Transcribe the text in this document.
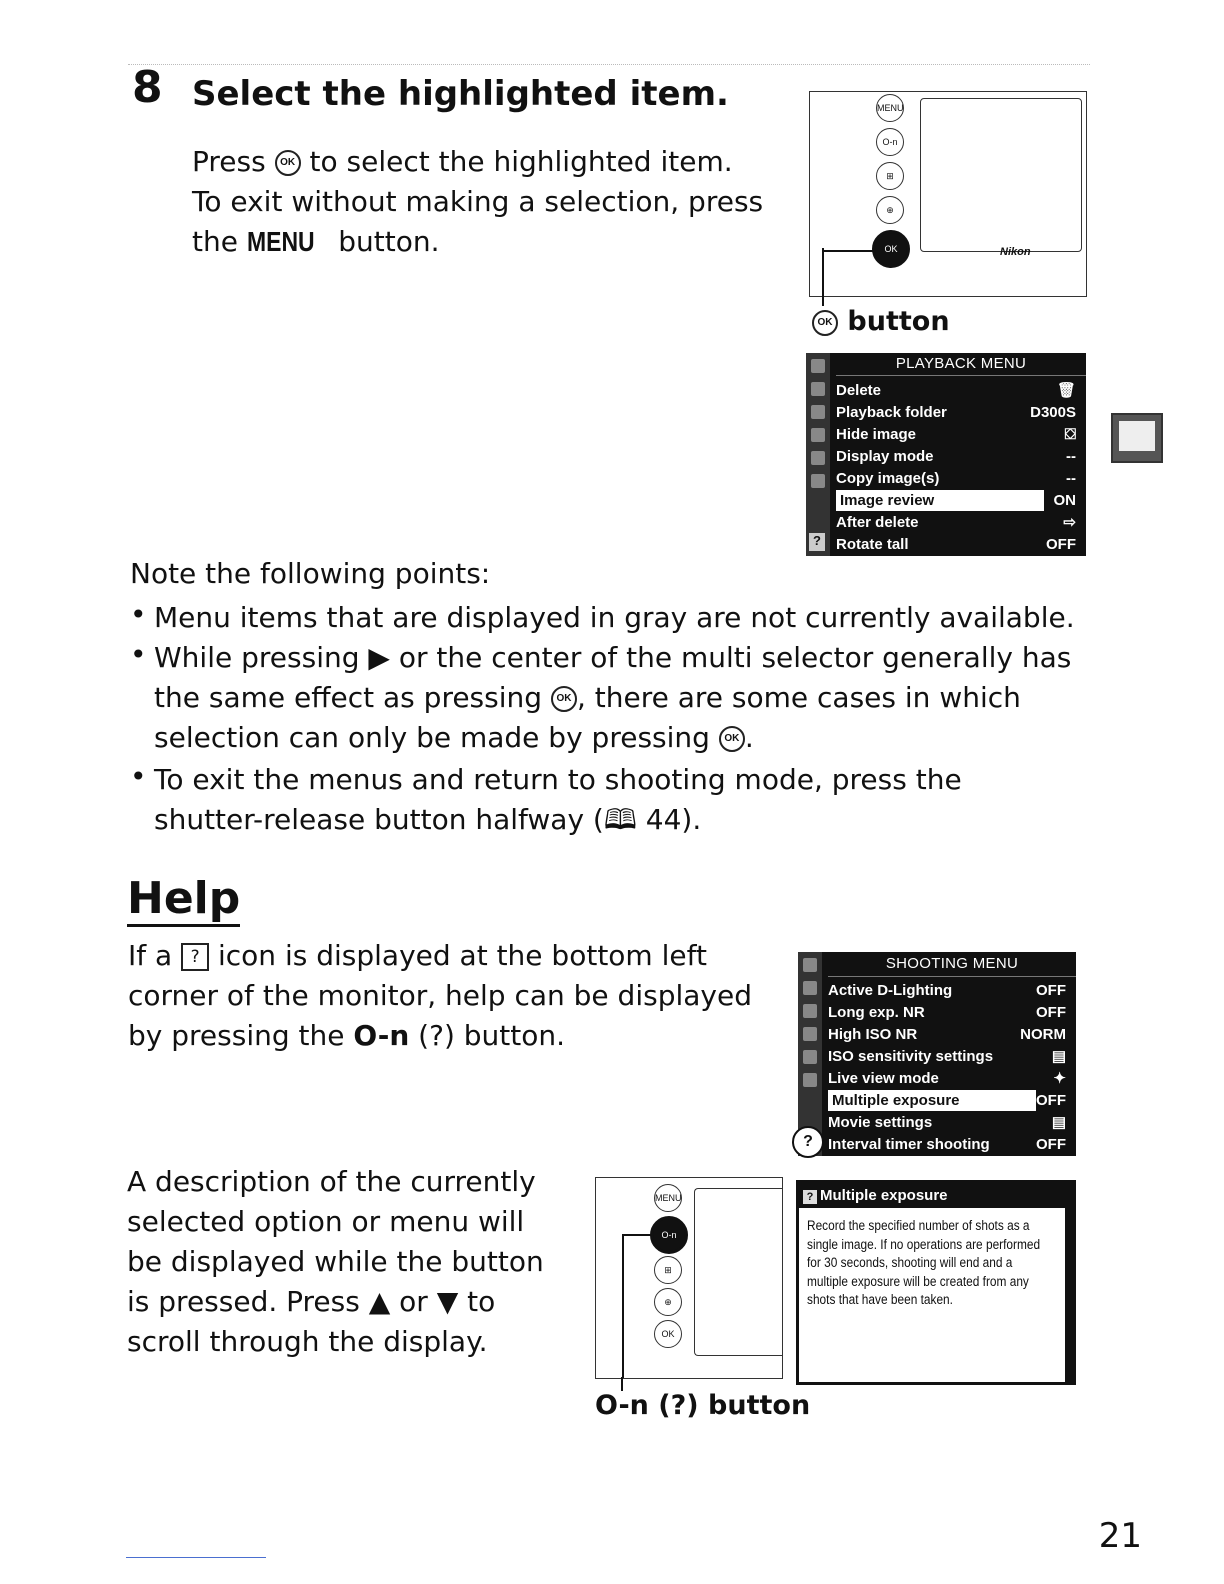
8 Select the highlighted item.
Press OK to select the highlighted item.
To exit without making a selection, press
the MENU button.	Nikon
MENU
O-n
⊞
⊕
OK
OK button
PLAYBACK MENU
Delete	🗑
Playback folder	D300S
Hide image	⛋
Display mode	--
Copy image(s)	--
Image review	ON
After delete	⇨
Rotate tall	OFF
?
Note the following points:
• Menu items that are displayed in gray are not currently available.
• While pressing ▶ or the center of the multi selector generally has
the same effect as pressing OK , there are some cases in which
selection can only be made by pressing OK .
• To exit the menus and return to shooting mode, press the
shutter-release button halfway (🕮 44).
Help
If a ? icon is displayed at the bottom left
corner of the monitor, help can be displayed
by pressing the O-n (?) button.
SHOOTING MENU
Active D-Lighting	OFF
Long exp. NR	OFF
High ISO NR	NORM
ISO sensitivity settings	▤
Live view mode	✦
Multiple exposure	OFF
Movie settings	▤
Interval timer shooting	OFF
?
A description of the currently
selected option or menu will
be displayed while the button
is pressed. Press ▲ or ▼ to
scroll through the display.
MENU
O-n
⊞
⊕
OK
O-n (?) button
? Multiple exposure
Record the specified number of shots as a single image. If no operations are performed for 30 seconds, shooting will end and a multiple exposure will be created from any shots that have been taken.
21
